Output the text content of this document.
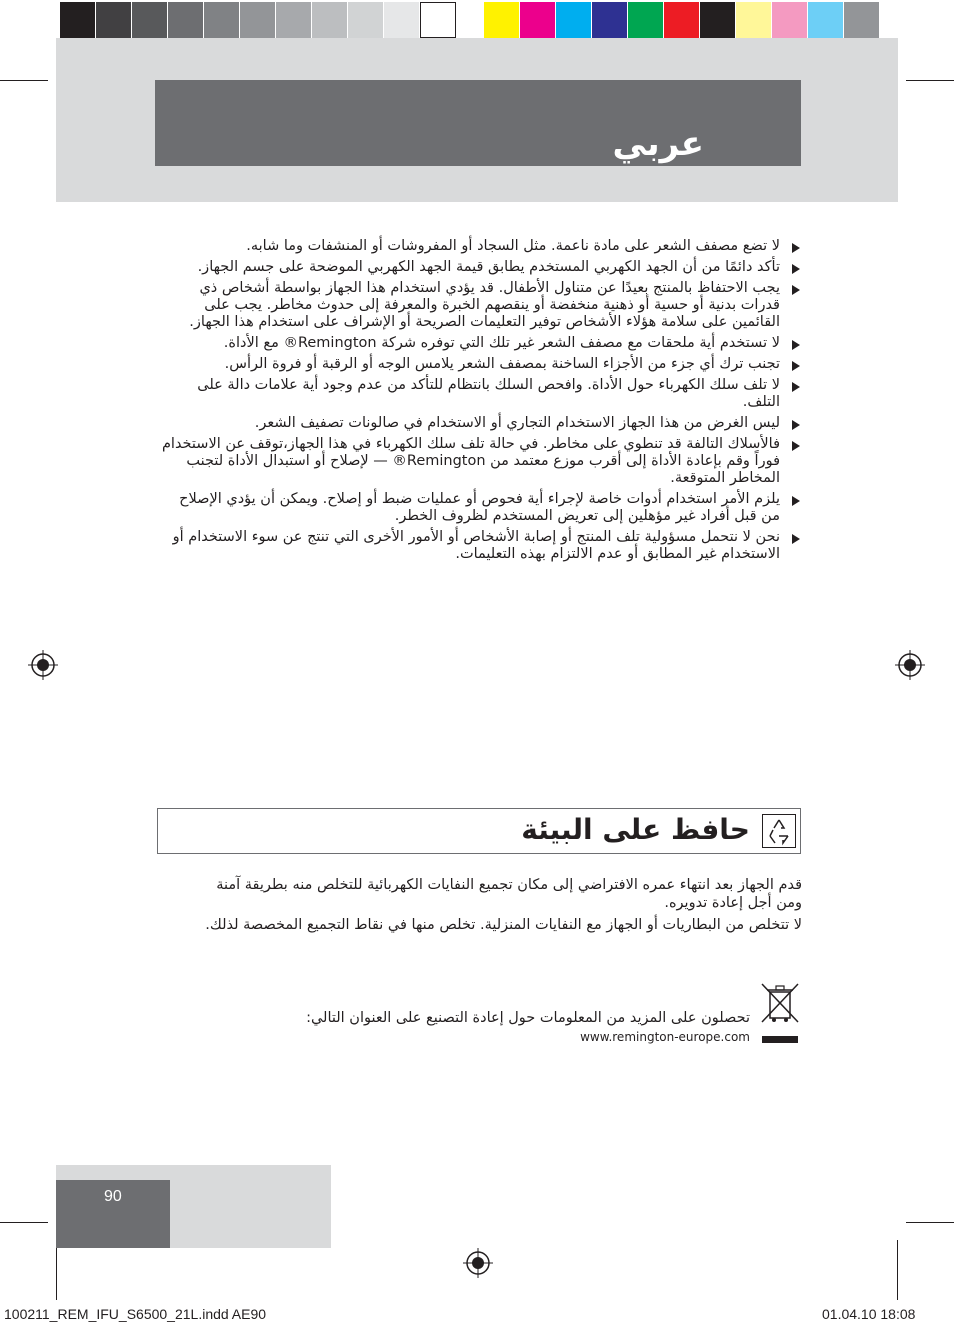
عربي

لا تضع مصفف الشعر على مادة ناعمة. مثل السجاد أو المفروشات أو المنشفات وما شابه.

تأكد دائمًا من أن الجهد الكهربي المستخدم يطابق قيمة الجهد الكهربي الموضحة على جسم الجهاز.

يجب الاحتفاظ بالمنتج بعيدًا عن متناول الأطفال. قد يؤدي استخدام هذا الجهاز بواسطة أشخاص ذي قدرات بدنية أو حسية أو ذهنية منخفضة أو ينقصهم الخبرة والمعرفة إلى حدوث مخاطر. يجب على القائمين على سلامة هؤلاء الأشخاص توفير التعليمات الصريحة أو الإشراف على استخدام هذا الجهاز.

لا تستخدم أية ملحقات مع مصفف الشعر غير تلك التي توفره شركة Remington® مع الأداة.

تجنب ترك أي جزء من الأجزاء الساخنة بمصفف الشعر يلامس الوجه أو الرقبة أو فروة الرأس.

لا تلف سلك الكهرباء حول الأداة. وافحص السلك بانتظام للتأكد من عدم وجود أية علامات دالة على التلف.

ليس الغرض من هذا الجهاز الاستخدام التجاري أو الاستخدام في صالونات تصفيف الشعر.

فالأسلاك التالفة قد تنطوي على مخاطر. في حالة تلف سلك الكهرباء في هذا الجهاز،توقف عن الاستخدام فوراً وقم بإعادة الأداة إلى أقرب موزع معتمد من Remington® — لإصلاح أو استبدال الأداة لتجنب المخاطر المتوقعة.

يلزم الأمر استخدام أدوات خاصة لإجراء أية فحوص أو عمليات ضبط أو إصلاح. ويمكن أن يؤدي الإصلاح من قبل أفراد غير مؤهلين إلى تعريض المستخدم لظروف الخطر.

نحن لا نتحمل مسؤولية تلف المنتج أو إصابة الأشخاص أو الأمور الأخرى التي تنتج عن سوء الاستخدام أو الاستخدام غير المطابق أو عدم الالتزام بهذه التعليمات.

حافظ على البيئة

قدم الجهاز بعد انتهاء عمره الافتراضي إلى مكان تجميع النفايات الكهربائية للتخلص منه بطريقة آمنة ومن أجل إعادة تدويره.

لا تتخلص من البطاريات أو الجهاز مع النفايات المنزلية. تخلص منها في نقاط التجميع المخصصة لذلك.

تحصلون على المزيد من المعلومات حول إعادة التصنيع على العنوان التالي:
www.remington-europe.com
90
100211_REM_IFU_S6500_21L.indd AE90	01.04.10 18:08
